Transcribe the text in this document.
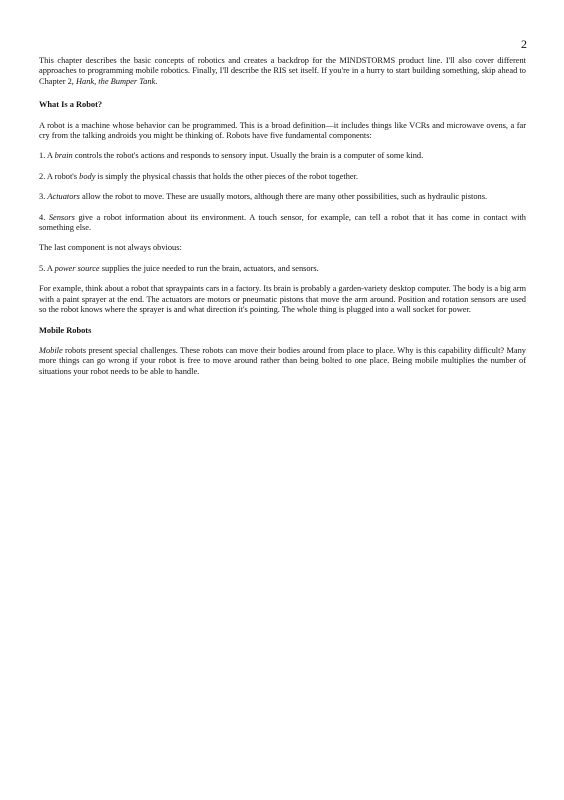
2

This chapter describes the basic concepts of robotics and creates a backdrop for the MINDSTORMS product line. I'll also cover different approaches to programming mobile robotics. Finally, I'll describe the RIS set itself. If you're in a hurry to start building something, skip ahead to Chapter 2, Hank, the Bumper Tank.

What Is a Robot?

A robot is a machine whose behavior can be programmed. This is a broad definition—it includes things like VCRs and microwave ovens, a far cry from the talking androids you might be thinking of. Robots have five fundamental components:

1. A brain controls the robot's actions and responds to sensory input. Usually the brain is a computer of some kind.

2. A robot's body is simply the physical chassis that holds the other pieces of the robot together.

3. Actuators allow the robot to move. These are usually motors, although there are many other possibilities, such as hydraulic pistons.

4. Sensors give a robot information about its environment. A touch sensor, for example, can tell a robot that it has come in contact with something else.

The last component is not always obvious:

5. A power source supplies the juice needed to run the brain, actuators, and sensors.

For example, think about a robot that spraypaints cars in a factory. Its brain is probably a garden-variety desktop computer. The body is a big arm with a paint sprayer at the end. The actuators are motors or pneumatic pistons that move the arm around. Position and rotation sensors are used so the robot knows where the sprayer is and what direction it's pointing. The whole thing is plugged into a wall socket for power.

Mobile Robots

Mobile robots present special challenges. These robots can move their bodies around from place to place. Why is this capability difficult? Many more things can go wrong if your robot is free to move around rather than being bolted to one place. Being mobile multiplies the number of situations your robot needs to be able to handle.
